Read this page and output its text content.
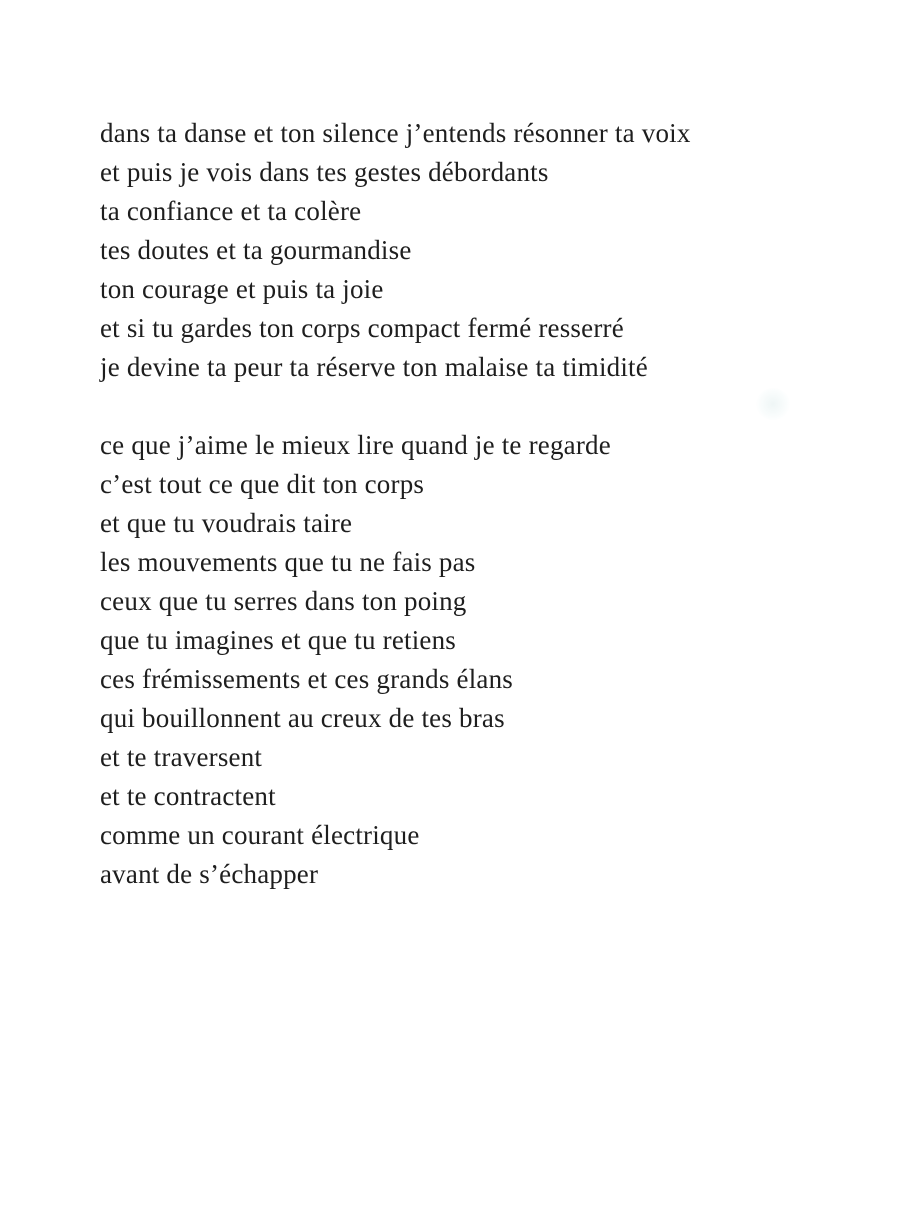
dans ta danse et ton silence j’entends résonner ta voix
et puis je vois dans tes gestes débordants
ta confiance et ta colère
tes doutes et ta gourmandise
ton courage et puis ta joie
et si tu gardes ton corps compact fermé resserré
je devine ta peur ta réserve ton malaise ta timidité
ce que j’aime le mieux lire quand je te regarde
c’est tout ce que dit ton corps
et que tu voudrais taire
les mouvements que tu ne fais pas
ceux que tu serres dans ton poing
que tu imagines et que tu retiens
ces frémissements et ces grands élans
qui bouillonnent au creux de tes bras
et te traversent
et te contractent
comme un courant électrique
avant de s’échapper
